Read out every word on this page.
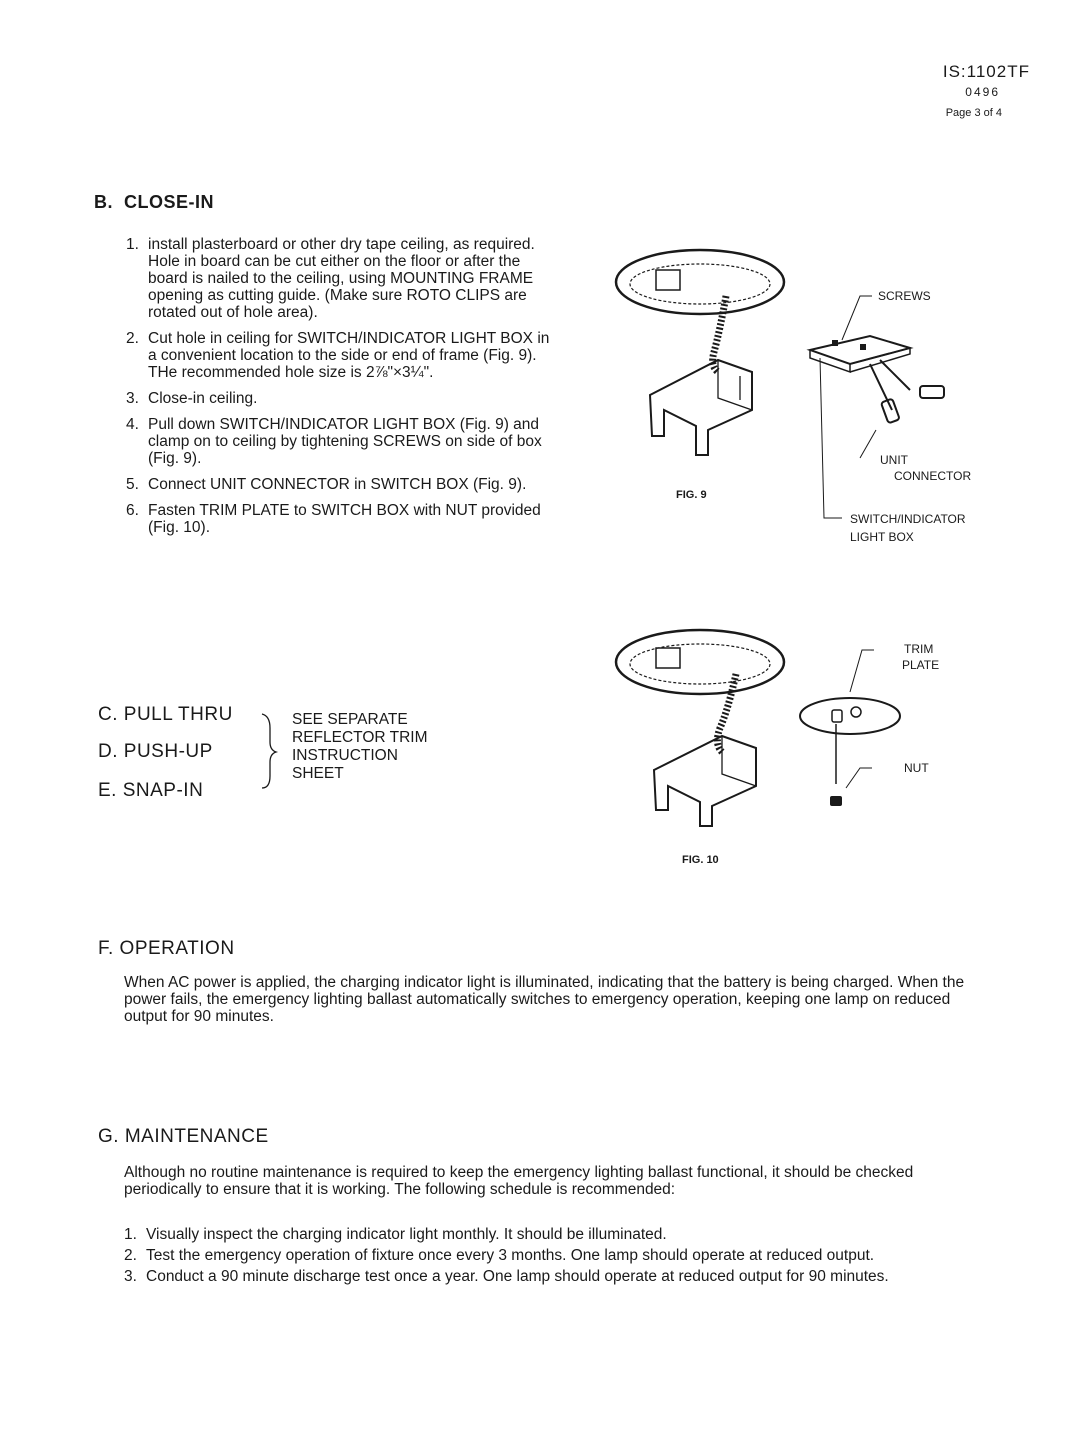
IS:1102TF
0496
Page 3 of 4
B.  CLOSE-IN
1. install plasterboard or other dry tape ceiling, as required. Hole in board can be cut either on the floor or after the board is nailed to the ceiling, using MOUNTING FRAME opening as cutting guide. (Make sure ROTO CLIPS are rotated out of hole area).
2. Cut hole in ceiling for SWITCH/INDICATOR LIGHT BOX in a convenient location to the side or end of frame (Fig. 9). THe recommended hole size is 2⅞"×3¼".
3. Close-in ceiling.
4. Pull down SWITCH/INDICATOR LIGHT BOX (Fig. 9) and clamp on to ceiling by tightening SCREWS on side of box (Fig. 9).
5. Connect UNIT CONNECTOR in SWITCH BOX (Fig. 9).
6. Fasten TRIM PLATE to SWITCH BOX with NUT provided (Fig. 10).
C. PULL THRU
D. PUSH-UP
E. SNAP-IN
SEE SEPARATE
REFLECTOR TRIM
INSTRUCTION
SHEET
SCREWS
UNIT
CONNECTOR
SWITCH/INDICATOR
LIGHT BOX
FIG. 9
TRIM
PLATE
NUT
FIG. 10
F. OPERATION
When AC power is applied, the charging indicator light is illuminated, indicating that the battery is being charged. When the power fails, the emergency lighting ballast automatically switches to emergency operation, keeping one lamp on reduced output for 90 minutes.
G. MAINTENANCE
Although no routine maintenance is required to keep the emergency lighting ballast functional, it should be checked periodically to ensure that it is working. The following schedule is recommended:
1. Visually inspect the charging indicator light monthly. It should be illuminated.
2. Test the emergency operation of fixture once every 3 months. One lamp should operate at reduced output.
3. Conduct a 90 minute discharge test once a year. One lamp should operate at reduced output for 90 minutes.
